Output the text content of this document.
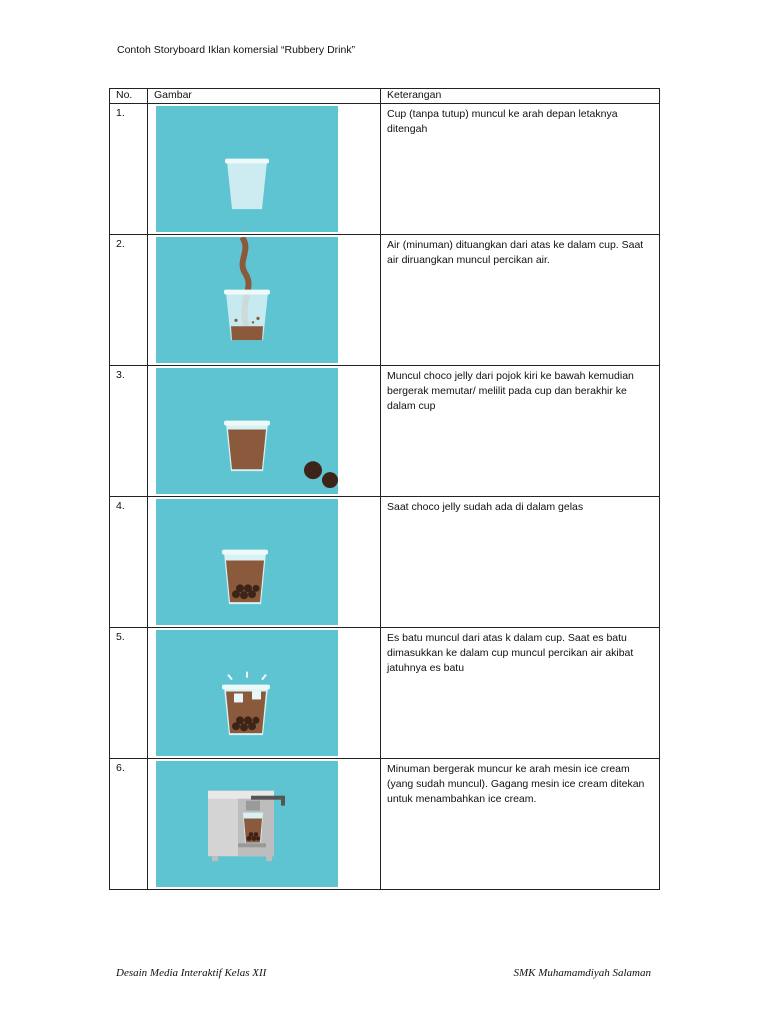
Contoh Storyboard Iklan komersial “Rubbery Drink”
No.	Gambar	Keterangan
1.		Cup (tanpa tutup) muncul ke arah depan letaknya ditengah
2.		Air (minuman) dituangkan dari atas ke dalam cup. Saat air diruangkan muncul percikan air.
3.		Muncul choco jelly dari pojok kiri ke bawah kemudian bergerak memutar/ melilit pada cup dan berakhir ke dalam cup
4.		Saat choco jelly sudah ada di dalam gelas
5.		Es batu muncul dari atas k dalam cup. Saat es batu dimasukkan ke dalam cup muncul percikan air akibat jatuhnya es batu
6.		Minuman bergerak muncur ke arah mesin ice cream (yang sudah muncul). Gagang mesin ice cream ditekan untuk menambahkan ice cream.
Desain Media Interaktif Kelas XII	SMK Muhamamdiyah Salaman
